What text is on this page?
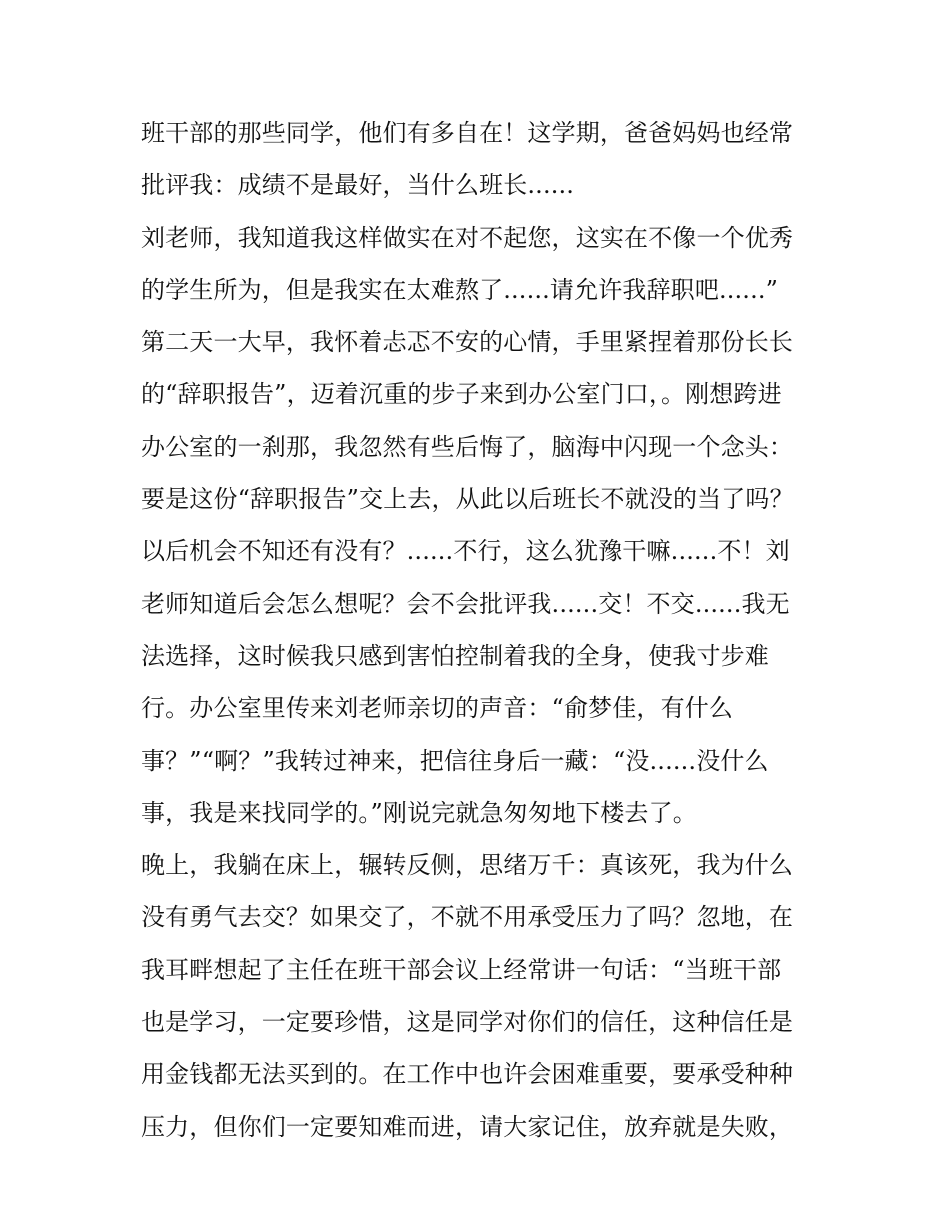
班干部的那些同学，他们有多自在！这学期，爸爸妈妈也经常
批评我：成绩不是最好，当什么班长......
刘老师，我知道我这样做实在对不起您，这实在不像一个优秀
的学生所为，但是我实在太难熬了......请允许我辞职吧......”
第二天一大早，我怀着忐忑不安的心情，手里紧捏着那份长长
的“辞职报告”，迈着沉重的步子来到办公室门口，。刚想跨进
办公室的一刹那，我忽然有些后悔了，脑海中闪现一个念头：
要是这份“辞职报告”交上去，从此以后班长不就没的当了吗？
以后机会不知还有没有？......不行，这么犹豫干嘛......不！刘
老师知道后会怎么想呢？会不会批评我......交！不交......我无
法选择，这时候我只感到害怕控制着我的全身，使我寸步难
行。办公室里传来刘老师亲切的声音：“俞梦佳，有什么
事？”“啊？”我转过神来，把信往身后一藏：“没......没什么
事，我是来找同学的。”刚说完就急匆匆地下楼去了。
晚上，我躺在床上，辗转反侧，思绪万千：真该死，我为什么
没有勇气去交？如果交了，不就不用承受压力了吗？忽地，在
我耳畔想起了主任在班干部会议上经常讲一句话：“当班干部
也是学习，一定要珍惜，这是同学对你们的信任，这种信任是
用金钱都无法买到的。在工作中也许会困难重要，要承受种种
压力，但你们一定要知难而进，请大家记住，放弃就是失败，
